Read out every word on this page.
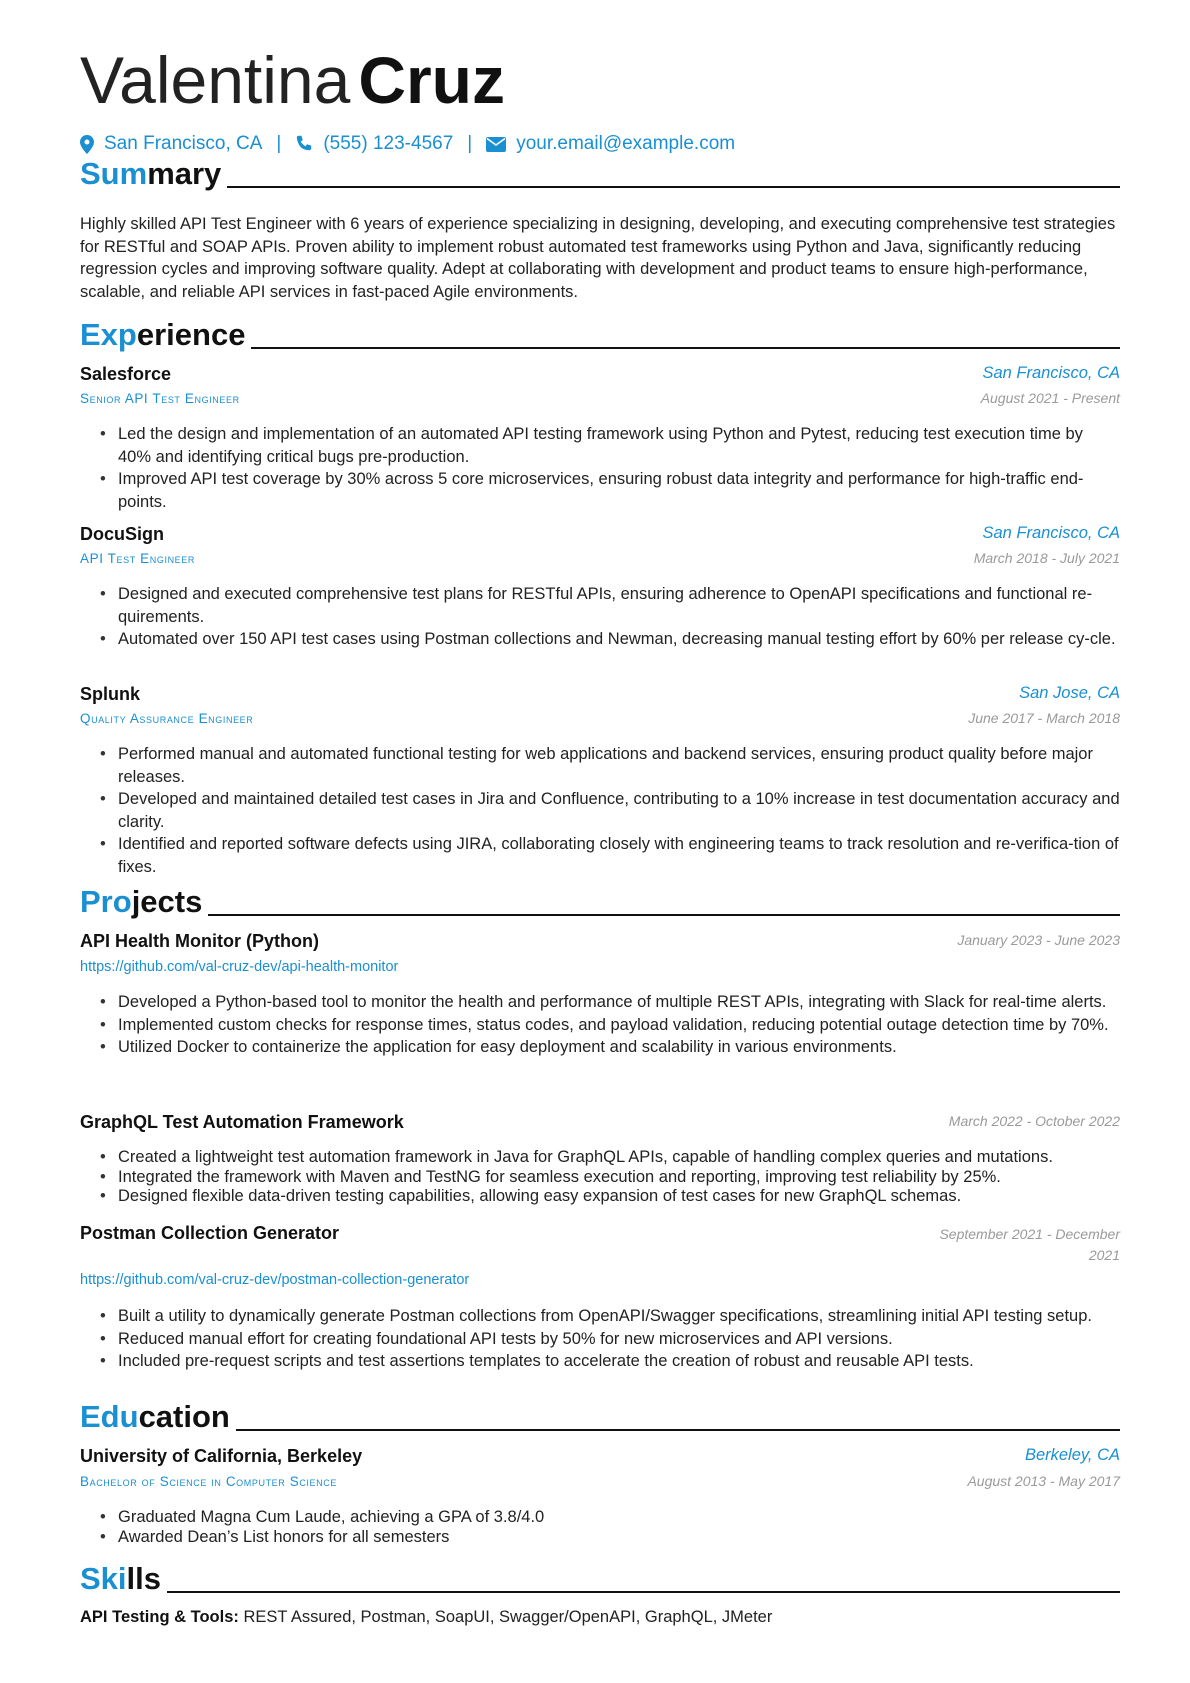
Valentina Cruz
San Francisco, CA | (555) 123-4567 | your.email@example.com
Summary
Highly skilled API Test Engineer with 6 years of experience specializing in designing, developing, and executing comprehensive test strategies for RESTful and SOAP APIs. Proven ability to implement robust automated test frameworks using Python and Java, significantly reducing regression cycles and improving software quality. Adept at collaborating with development and product teams to ensure high-performance, scalable, and reliable API services in fast-paced Agile environments.
Experience
Salesforce	San Francisco, CA
Senior API Test Engineer	August 2021 - Present
• Led the design and implementation of an automated API testing framework using Python and Pytest, reducing test execution time by 40% and identifying critical bugs pre-production.
• Improved API test coverage by 30% across 5 core microservices, ensuring robust data integrity and performance for high-traffic end-points.
DocuSign	San Francisco, CA
API Test Engineer	March 2018 - July 2021
• Designed and executed comprehensive test plans for RESTful APIs, ensuring adherence to OpenAPI specifications and functional re-quirements.
• Automated over 150 API test cases using Postman collections and Newman, decreasing manual testing effort by 60% per release cy-cle.
Splunk	San Jose, CA
Quality Assurance Engineer	June 2017 - March 2018
• Performed manual and automated functional testing for web applications and backend services, ensuring product quality before major releases.
• Developed and maintained detailed test cases in Jira and Confluence, contributing to a 10% increase in test documentation accuracy and clarity.
• Identified and reported software defects using JIRA, collaborating closely with engineering teams to track resolution and re-verifica-tion of fixes.
Projects
API Health Monitor (Python)	January 2023 - June 2023
https://github.com/val-cruz-dev/api-health-monitor
• Developed a Python-based tool to monitor the health and performance of multiple REST APIs, integrating with Slack for real-time alerts.
• Implemented custom checks for response times, status codes, and payload validation, reducing potential outage detection time by 70%.
• Utilized Docker to containerize the application for easy deployment and scalability in various environments.
GraphQL Test Automation Framework	March 2022 - October 2022
• Created a lightweight test automation framework in Java for GraphQL APIs, capable of handling complex queries and mutations.
• Integrated the framework with Maven and TestNG for seamless execution and reporting, improving test reliability by 25%.
• Designed flexible data-driven testing capabilities, allowing easy expansion of test cases for new GraphQL schemas.
Postman Collection Generator	September 2021 - December 2021
https://github.com/val-cruz-dev/postman-collection-generator
• Built a utility to dynamically generate Postman collections from OpenAPI/Swagger specifications, streamlining initial API testing setup.
• Reduced manual effort for creating foundational API tests by 50% for new microservices and API versions.
• Included pre-request scripts and test assertions templates to accelerate the creation of robust and reusable API tests.
Education
University of California, Berkeley	Berkeley, CA
Bachelor of Science in Computer Science	August 2013 - May 2017
• Graduated Magna Cum Laude, achieving a GPA of 3.8/4.0
• Awarded Dean’s List honors for all semesters
Skills
API Testing & Tools: REST Assured, Postman, SoapUI, Swagger/OpenAPI, GraphQL, JMeter
